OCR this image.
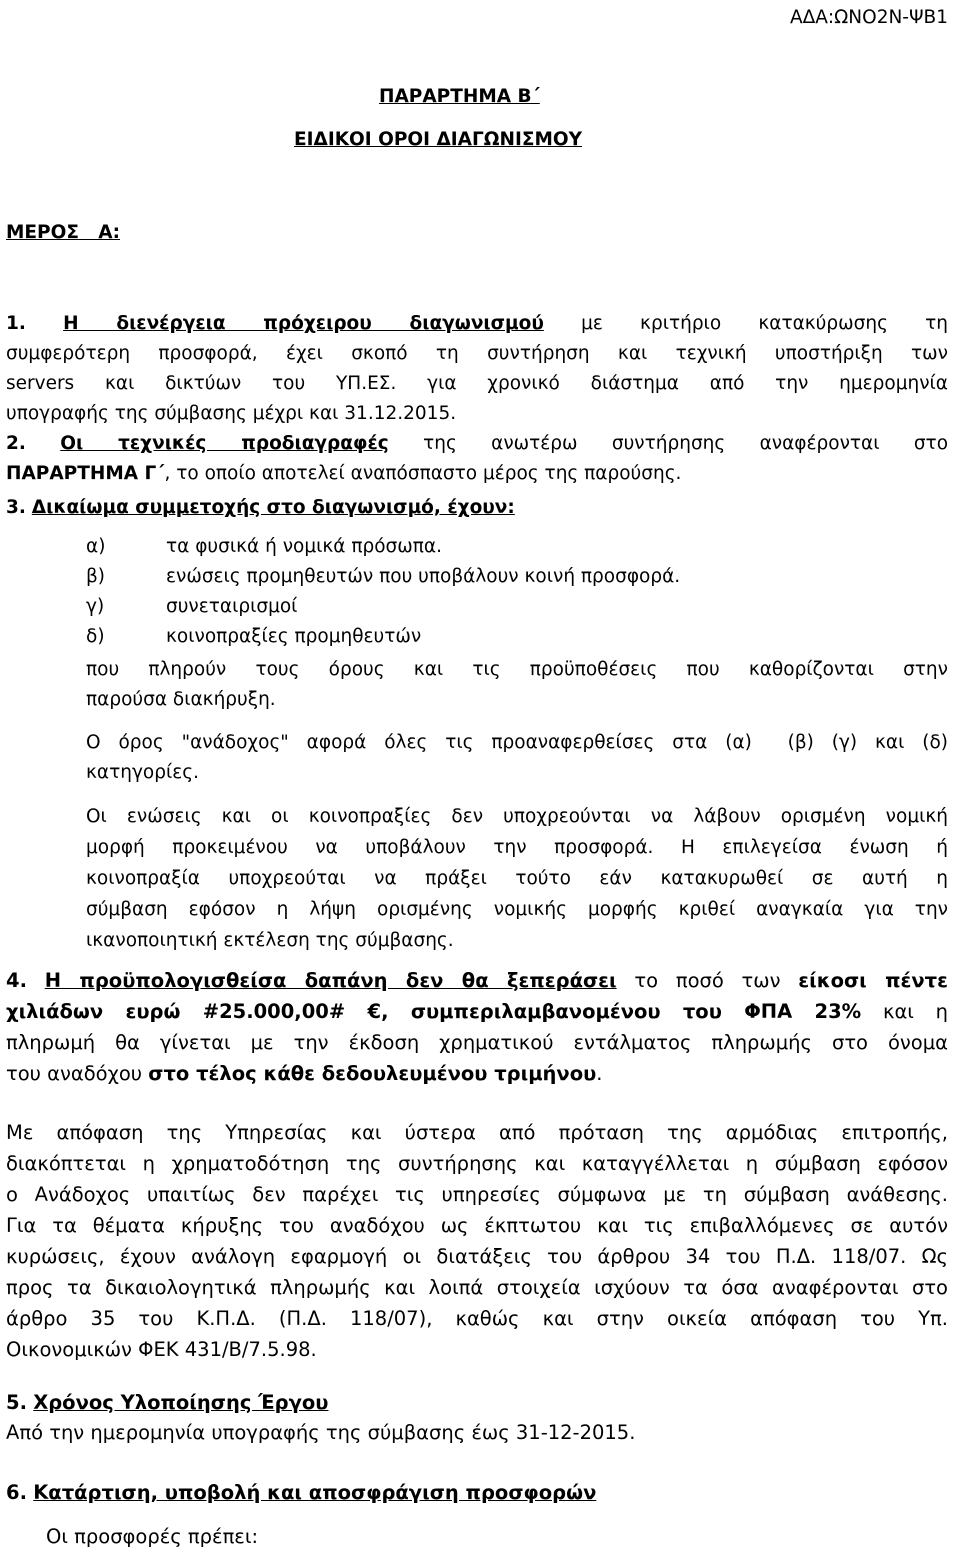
ΑΔΑ:ΩΝΟ2Ν-ΨΒ1
ΠΑΡΑΡΤΗΜΑ Β΄
ΕΙΔΙΚΟΙ ΟΡΟΙ ΔΙΑΓΩΝΙΣΜΟΥ
ΜΕΡΟΣ   Α:
1. Η διενέργεια πρόχειρου διαγωνισμού με κριτήριο κατακύρωσης τη
συμφερότερη προσφορά, έχει σκοπό τη συντήρηση και τεχνική υποστήριξη των
servers και δικτύων του ΥΠ.ΕΣ. για χρονικό διάστημα από την ημερομηνία
υπογραφής της σύμβασης μέχρι και 31.12.2015.
2. Οι τεχνικές προδιαγραφές της ανωτέρω συντήρησης αναφέρονται στο
ΠΑΡΑΡΤΗΜΑ Γ΄, το οποίο αποτελεί αναπόσπαστο μέρος της παρούσης.
3. Δικαίωμα συμμετοχής στο διαγωνισμό, έχουν:
α)	τα φυσικά ή νομικά πρόσωπα.
β)	ενώσεις προμηθευτών που υποβάλουν κοινή προσφορά.
γ)	συνεταιρισμοί
δ)	κοινοπραξίες προμηθευτών
που πληρούν τους όρους και τις προϋποθέσεις που καθορίζονται στην
παρούσα διακήρυξη.
Ο όρος "ανάδοχος" αφορά όλες τις προαναφερθείσες στα (α)  (β) (γ) και (δ)
κατηγορίες.
Οι ενώσεις και οι κοινοπραξίες δεν υποχρεούνται να λάβουν ορισμένη νομική
μορφή προκειμένου να υποβάλουν την προσφορά. Η επιλεγείσα ένωση ή
κοινοπραξία υποχρεούται να πράξει τούτο εάν κατακυρωθεί σε αυτή η
σύμβαση εφόσον η λήψη ορισμένης νομικής μορφής κριθεί αναγκαία για την
ικανοποιητική εκτέλεση της σύμβασης.
4. Η προϋπολογισθείσα δαπάνη δεν θα ξεπεράσει το ποσό των είκοσι πέντε
χιλιάδων ευρώ #25.000,00# €, συμπεριλαμβανομένου του ΦΠΑ 23% και η
πληρωμή θα γίνεται με την έκδοση χρηματικού εντάλματος πληρωμής στο όνομα
του αναδόχου στο τέλος κάθε δεδουλευμένου τριμήνου.
Με απόφαση της Υπηρεσίας και ύστερα από πρόταση της αρμόδιας επιτροπής,
διακόπτεται η χρηματοδότηση της συντήρησης και καταγγέλλεται η σύμβαση εφόσον
ο Ανάδοχος υπαιτίως δεν παρέχει τις υπηρεσίες σύμφωνα με τη σύμβαση ανάθεσης.
Για τα θέματα κήρυξης του αναδόχου ως έκπτωτου και τις επιβαλλόμενες σε αυτόν
κυρώσεις, έχουν ανάλογη εφαρμογή οι διατάξεις του άρθρου 34 του Π.Δ. 118/07. Ως
προς τα δικαιολογητικά πληρωμής και λοιπά στοιχεία ισχύουν τα όσα αναφέρονται στο
άρθρο 35 του Κ.Π.Δ. (Π.Δ. 118/07), καθώς και στην οικεία απόφαση του Υπ.
Οικονομικών ΦΕΚ 431/Β/7.5.98.
5. Χρόνος Υλοποίησης Έργου
Από την ημερομηνία υπογραφής της σύμβασης έως 31-12-2015.
6. Κατάρτιση, υποβολή και αποσφράγιση προσφορών
Οι προσφορές πρέπει:
